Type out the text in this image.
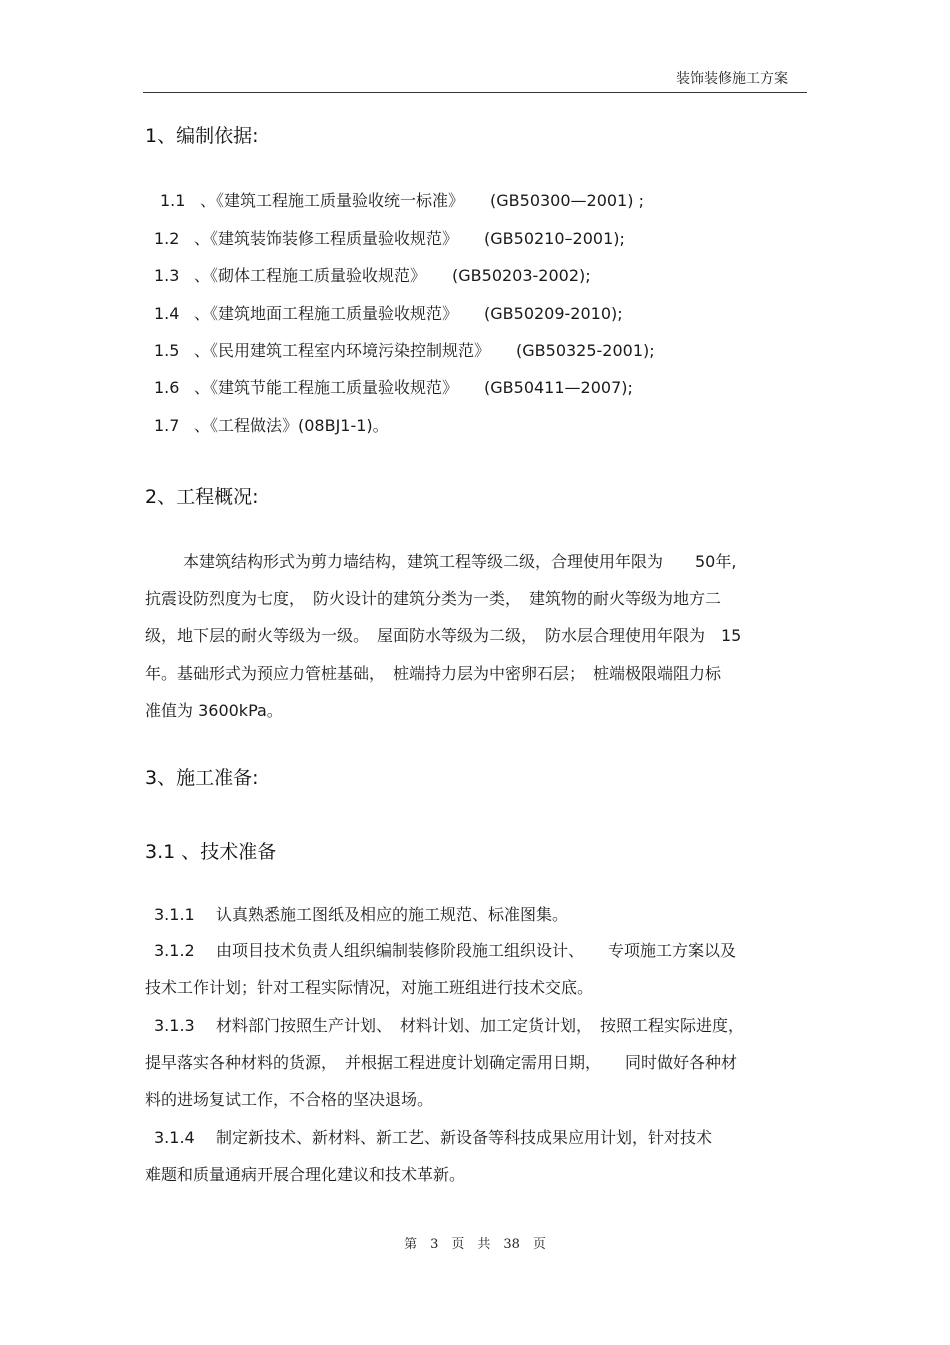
装饰装修施工方案
1、编制依据:
1.1 、《建筑工程施工质量验收统一标准》 (GB50300—2001) ;
1.2 、《建筑装饰装修工程质量验收规范》 (GB50210–2001);
1.3 、《砌体工程施工质量验收规范》 (GB50203-2002);
1.4 、《建筑地面工程施工质量验收规范》 (GB50209-2010);
1.5 、《民用建筑工程室内环境污染控制规范》 (GB50325-2001);
1.6 、《建筑节能工程施工质量验收规范》 (GB50411—2007);
1.7 、《工程做法》(08BJ1-1)。
2、工程概况:
本建筑结构形式为剪力墙结构，建筑工程等级二级，合理使用年限为　　50年,
抗震设防烈度为七度，　防火设计的建筑分类为一类，　建筑物的耐火等级为地方二
级，地下层的耐火等级为一级。　屋面防水等级为二级，　防水层合理使用年限为　15
年。基础形式为预应力管桩基础，　桩端持力层为中密卵石层；　桩端极限端阻力标
准值为 3600kPa。
3、施工准备:
3.1 、技术准备
3.1.1 认真熟悉施工图纸及相应的施工规范、标准图集。
3.1.2 由项目技术负责人组织编制装修阶段施工组织设计、　　专项施工方案以及
技术工作计划；针对工程实际情况，对施工班组进行技术交底。
3.1.3 材料部门按照生产计划、　材料计划、加工定货计划，　按照工程实际进度，
提早落实各种材料的货源，　并根据工程进度计划确定需用日期，　　同时做好各种材
料的进场复试工作，不合格的坚决退场。
3.1.4 制定新技术、新材料、新工艺、新设备等科技成果应用计划，针对技术
难题和质量通病开展合理化建议和技术革新。
第　3　页　共　38　页
